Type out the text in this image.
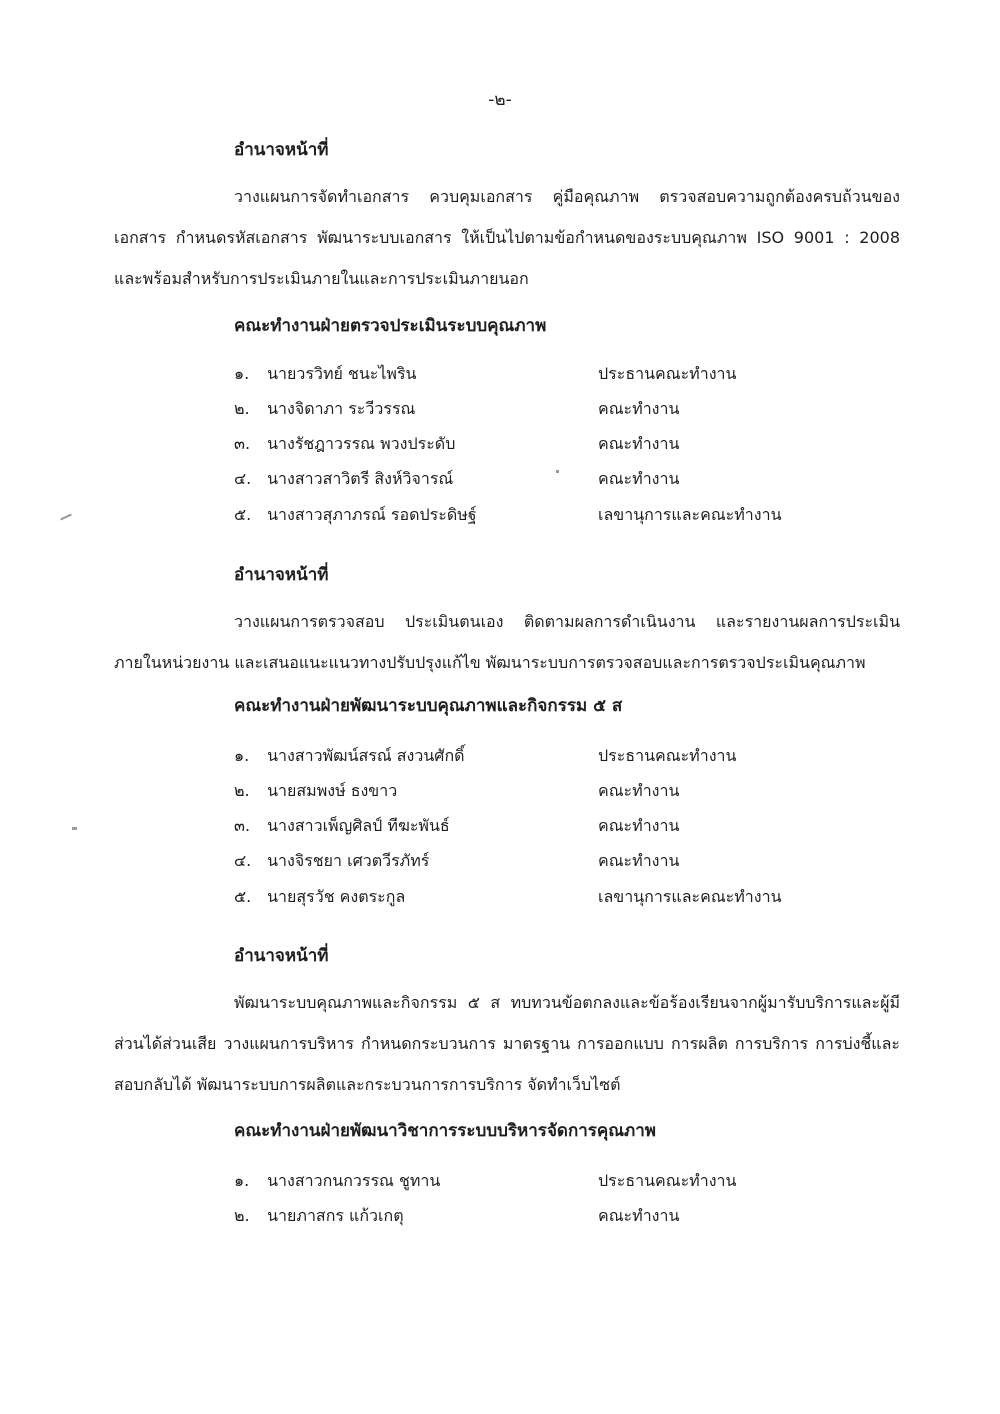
-๒-
อำนาจหน้าที่
วางแผนการจัดทำเอกสาร ควบคุมเอกสาร คู่มือคุณภาพ ตรวจสอบความถูกต้องครบถ้วนของเอกสาร กำหนดรหัสเอกสาร พัฒนาระบบเอกสาร ให้เป็นไปตามข้อกำหนดของระบบคุณภาพ ISO 9001 : 2008 และพร้อมสำหรับการประเมินภายในและการประเมินภายนอก
คณะทำงานฝ่ายตรวจประเมินระบบคุณภาพ
๑. นายวรวิทย์ ชนะไพริน	ประธานคณะทำงาน
๒. นางจิดาภา ระวีวรรณ	คณะทำงาน
๓. นางรัชฎาวรรณ พวงประดับ	คณะทำงาน
๔. นางสาวสาวิตรี สิงห์วิจารณ์	คณะทำงาน
๕. นางสาวสุภาภรณ์ รอดประดิษฐ์	เลขานุการและคณะทำงาน
อำนาจหน้าที่
วางแผนการตรวจสอบ ประเมินตนเอง ติดตามผลการดำเนินงาน และรายงานผลการประเมินภายในหน่วยงาน และเสนอแนะแนวทางปรับปรุงแก้ไข พัฒนาระบบการตรวจสอบและการตรวจประเมินคุณภาพ
คณะทำงานฝ่ายพัฒนาระบบคุณภาพและกิจกรรม ๕ ส
๑. นางสาวพัฒน์สรณ์ สงวนศักดิ์	ประธานคณะทำงาน
๒. นายสมพงษ์ ธงขาว	คณะทำงาน
๓. นางสาวเพ็ญศิลป์ ทีฆะพันธ์	คณะทำงาน
๔. นางจิรชยา เศวตวีรภัทร์	คณะทำงาน
๕. นายสุรวัช คงตระกูล	เลขานุการและคณะทำงาน
อำนาจหน้าที่
พัฒนาระบบคุณภาพและกิจกรรม ๕ ส ทบทวนข้อตกลงและข้อร้องเรียนจากผู้มารับบริการและผู้มีส่วนได้ส่วนเสีย วางแผนการบริหาร กำหนดกระบวนการ มาตรฐาน การออกแบบ การผลิต การบริการ การบ่งชี้และสอบกลับได้ พัฒนาระบบการผลิตและกระบวนการการบริการ จัดทำเว็บไซต์
คณะทำงานฝ่ายพัฒนาวิชาการระบบบริหารจัดการคุณภาพ
๑. นางสาวกนกวรรณ ชูทาน	ประธานคณะทำงาน
๒. นายภาสกร แก้วเกตุ	คณะทำงาน
